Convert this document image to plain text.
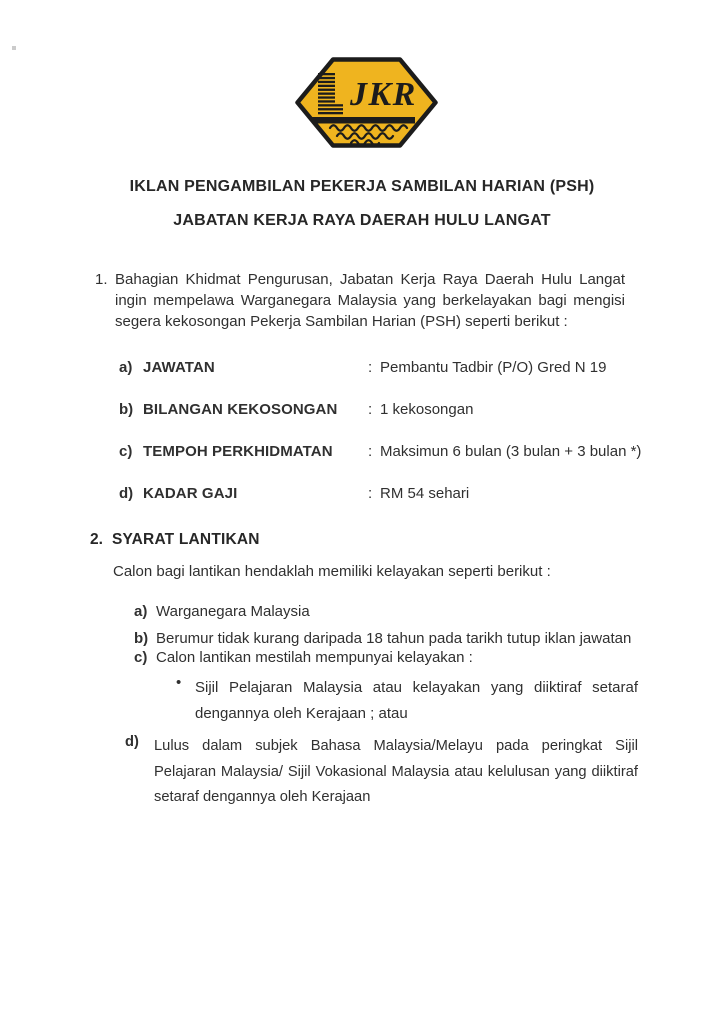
JKR
IKLAN PENGAMBILAN PEKERJA SAMBILAN HARIAN (PSH)
JABATAN KERJA RAYA DAERAH HULU LANGAT
1. Bahagian Khidmat Pengurusan, Jabatan Kerja Raya Daerah Hulu Langat ingin mempelawa Warganegara Malaysia yang berkelayakan bagi mengisi segera kekosongan Pekerja Sambilan Harian (PSH) seperti berikut :
a) JAWATAN	: Pembantu Tadbir (P/O) Gred N 19
b) BILANGAN KEKOSONGAN : 1 kekosongan
c) TEMPOH PERKHIDMATAN : Maksimun 6 bulan (3 bulan + 3 bulan *)
d) KADAR GAJI	: RM 54 sehari
2. SYARAT LANTIKAN
Calon bagi lantikan hendaklah memiliki kelayakan seperti berikut :
a) Warganegara Malaysia
b) Berumur tidak kurang daripada 18 tahun pada tarikh tutup iklan jawatan
c) Calon lantikan mestilah mempunyai kelayakan :
• Sijil Pelajaran Malaysia atau kelayakan yang diiktiraf setaraf dengannya oleh Kerajaan ; atau
d) Lulus dalam subjek Bahasa Malaysia/Melayu pada peringkat Sijil Pelajaran Malaysia/ Sijil Vokasional Malaysia atau kelulusan yang diiktiraf setaraf dengannya oleh Kerajaan
